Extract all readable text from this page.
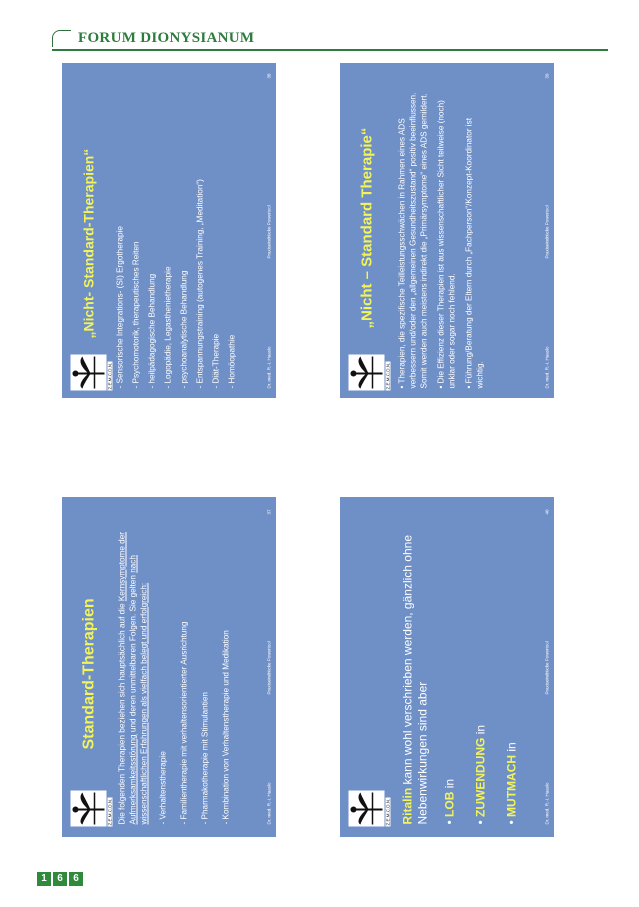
FORUM DIONYSIANUM
Z.E.M.C.D.N.
„Nicht – Standard Therapie“
• Therapien, die spezifische Teilleistungsschwächen in Rahmen eines ADS verbessern und/oder den „allgemeinen Gesundheitszustand“ positiv beeinflussen. Somit werden auch meistens indirekt die „Primärsymptome“ eines ADS gemildert. • Die Effizienz dieser Therapien ist aus wissenschaftlicher Sicht teilweise (noch) unklar oder sogar noch fehlend. • Führung/Beratung der Eltern durch „Fachperson“/Konzept-Koordinator ist wichtig.	Dr. med. R.-I. Haaslo
Praxiseindrücke Powertool
39
Z.E.M.C.D.N. Ritalin kann wohl verschrieben werden, gänzlich ohne Nebenwirkungen sind aber • LOB in
• ZUWENDUNG in
• MUTMACH in
Dr. med. R.-I. Haaslo
Praxiseindrücke Powertool
40
Z.E.M.C.D.N.
Standard-Therapien Die folgenden Therapien beziehen sich hauptsächlich auf die Kernsymptome der Aufmerksamkeitsstörung und deren unmittelbaren Folgen. Sie gelten nach wissenschaftlichen Erfahrungen als vielfach belegt und erfolgreich: - Verhaltenstherapie - Familientherapie mit verhaltensorientierter Ausrichtung - Pharmakotherapie mit Stimulantien - Kombination von Verhaltenstherapie und Medikation	Dr. med. R.-I. Haaslo
Praxiseindrücke Powertool
37
Z.E.M.C.D.N.
„Nicht- Standard-Therapien“ - Sensorische Integrations- (SI) Ergotherapie - Psychomotorik, therapeutisches Reiten - heilpädagogische Behandlung - Logopädie, Legasthenietherapie - psychoanalytische Behandlung - Entspannungstraining (autogenes Training, „Meditation“) - Diät-Therapie - Homöopathie	Dr. med. R.-I. Haaslo
Praxiseindrücke Powertool
38
1	6	6
